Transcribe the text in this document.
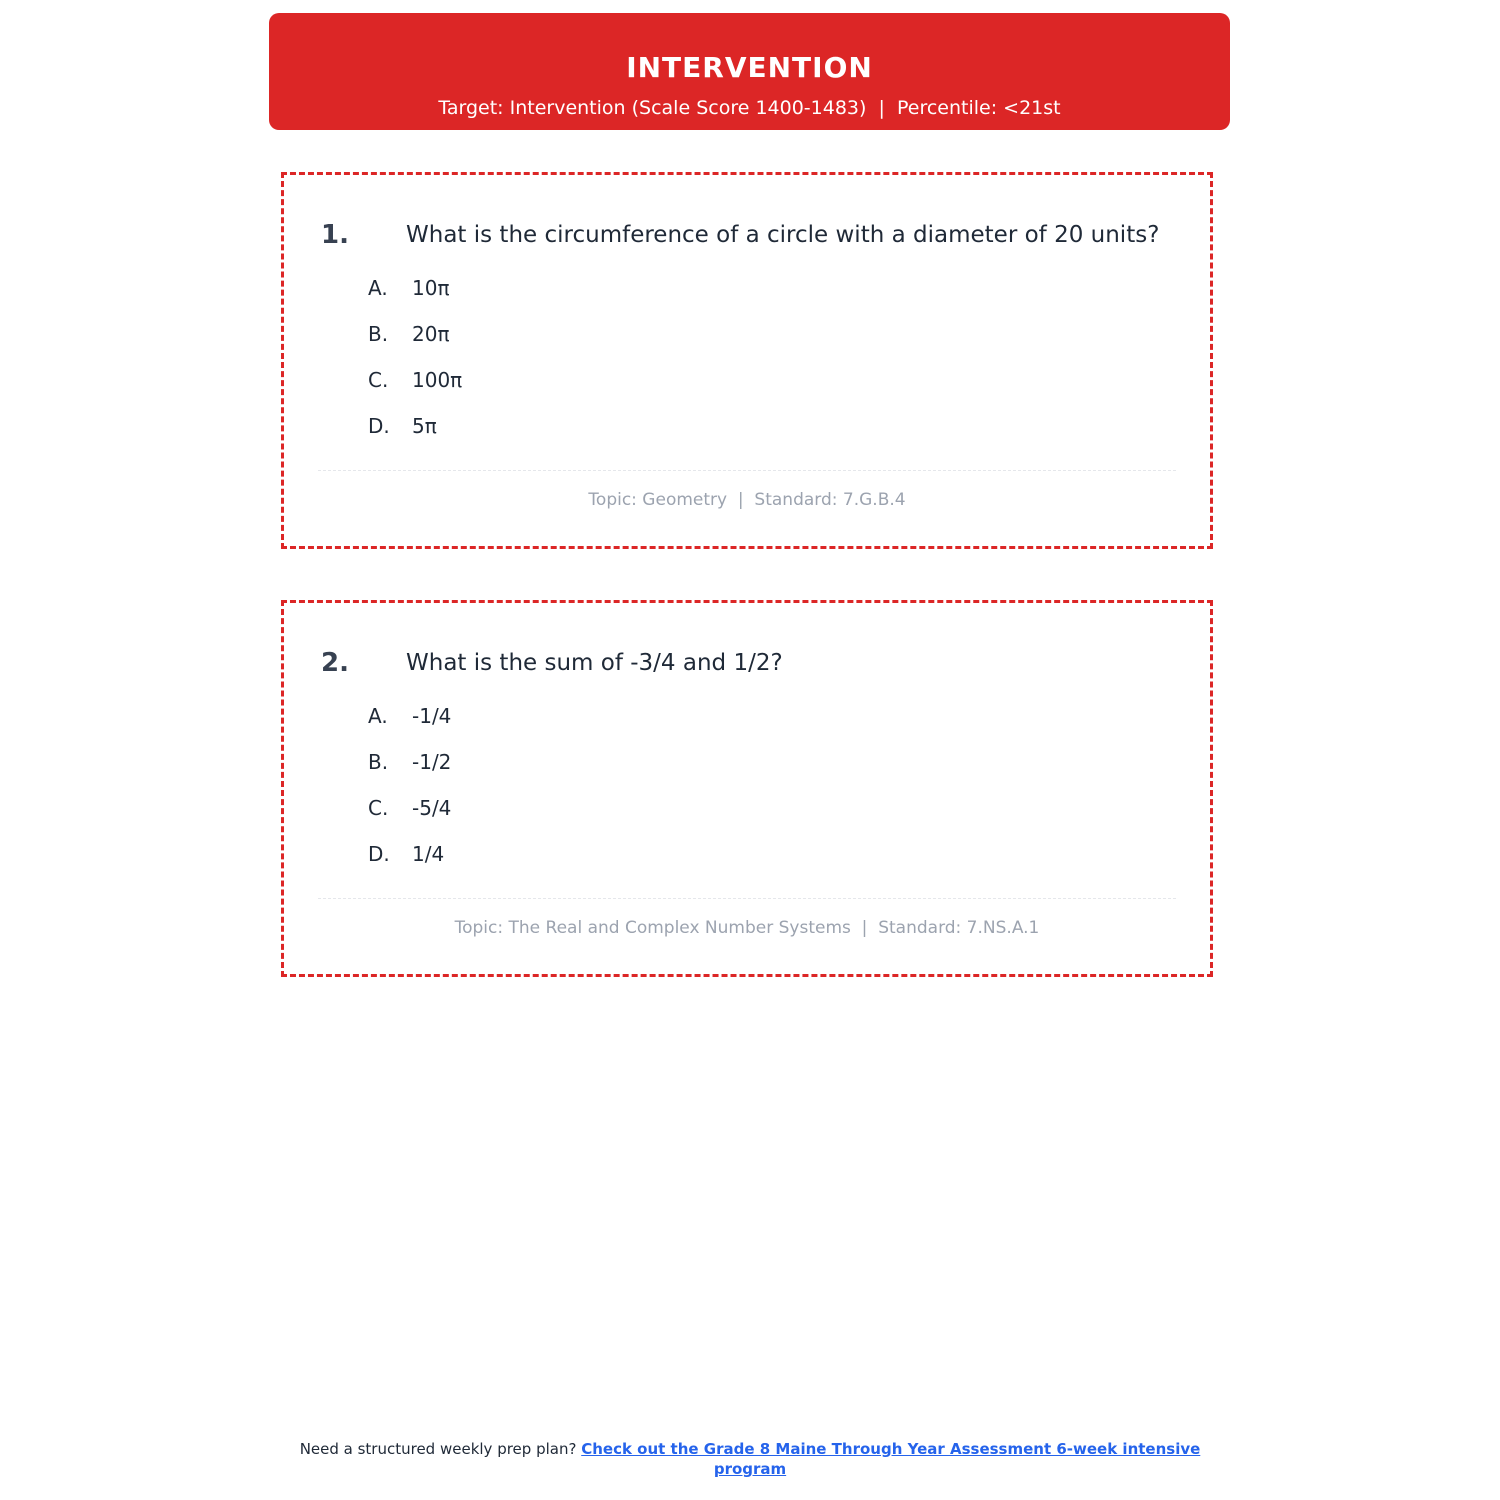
INTERVENTION
Target: Intervention (Scale Score 1400-1483)  |  Percentile: <21st
1. What is the circumference of a circle with a diameter of 20 units?
A. 10π
B. 20π
C. 100π
D. 5π
Topic: Geometry  |  Standard: 7.G.B.4
2. What is the sum of -3/4 and 1/2?
A. -1/4
B. -1/2
C. -5/4
D. 1/4
Topic: The Real and Complex Number Systems  |  Standard: 7.NS.A.1
Need a structured weekly prep plan? Check out the Grade 8 Maine Through Year Assessment 6-week intensive program
